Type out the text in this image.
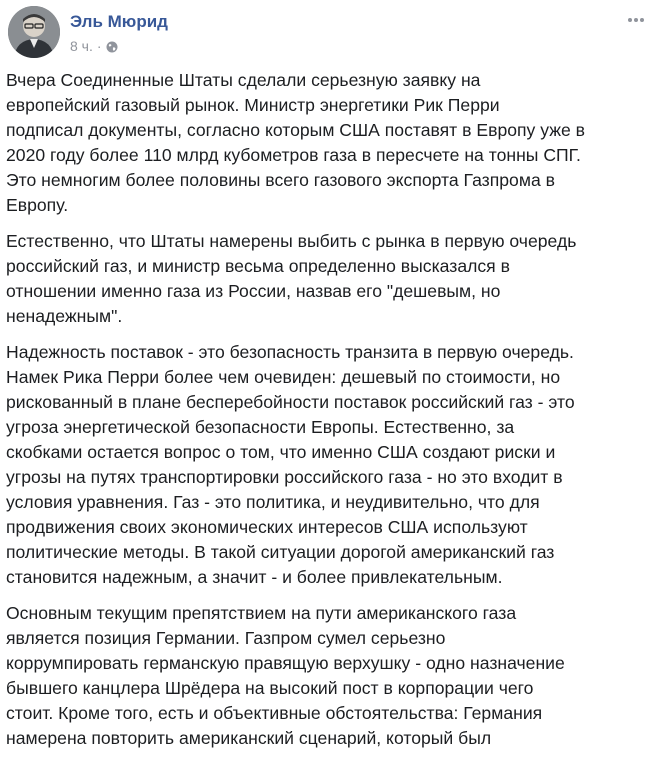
Эль Мюрид
8 ч. ·

Вчера Соединенные Штаты сделали серьезную заявку на
европейский газовый рынок. Министр энергетики Рик Перри
подписал документы, согласно которым США поставят в Европу уже в
2020 году более 110 млрд кубометров газа в пересчете на тонны СПГ.
Это немногим более половины всего газового экспорта Газпрома в
Европу.

Естественно, что Штаты намерены выбить с рынка в первую очередь
российский газ, и министр весьма определенно высказался в
отношении именно газа из России, назвав его "дешевым, но
ненадежным".

Надежность поставок - это безопасность транзита в первую очередь.
Намек Рика Перри более чем очевиден: дешевый по стоимости, но
рискованный в плане бесперебойности поставок российский газ - это
угроза энергетической безопасности Европы. Естественно, за
скобками остается вопрос о том, что именно США создают риски и
угрозы на путях транспортировки российского газа - но это входит в
условия уравнения. Газ - это политика, и неудивительно, что для
продвижения своих экономических интересов США используют
политические методы. В такой ситуации дорогой американский газ
становится надежным, а значит - и более привлекательным.

Основным текущим препятствием на пути американского газа
является позиция Германии. Газпром сумел серьезно
коррумпировать германскую правящую верхушку - одно назначение
бывшего канцлера Шрёдера на высокий пост в корпорации чего
стоит. Кроме того, есть и объективные обстоятельства: Германия
намерена повторить американский сценарий, который был
